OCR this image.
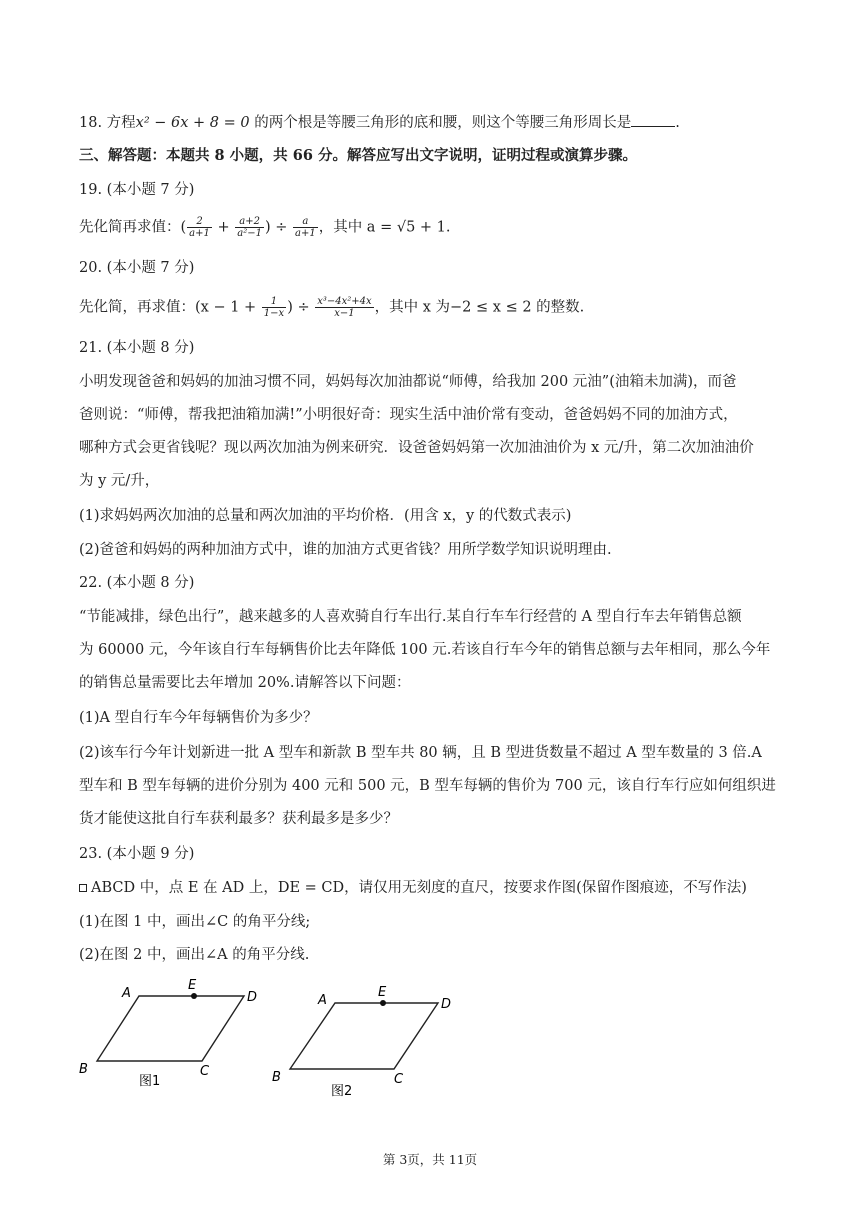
18. 方程x² − 6x + 8 = 0 的两个根是等腰三角形的底和腰，则这个等腰三角形周长是	.
三、解答题：本题共 8 小题，共 66 分。解答应写出文字说明，证明过程或演算步骤。
19. (本小题 7 分)
先化简再求值：( $\frac{2}{a+1} + \frac{a+2}{\text{a²−1}}$ ) ÷ $\frac{a}{a+1}$ ，其中 a = √5 + 1.
20. (本小题 7 分)
先化简，再求值：($x - 1 + \frac{1}{1-x}$ ) ÷ $\frac{\text{x³−4x²+4x}}{x-1}$ ，其中 x 为−2 ≤ x ≤ 2 的整数.
21. (本小题 8 分)
小明发现爸爸和妈妈的加油习惯不同，妈妈每次加油都说“师傅，给我加 200 元油”(油箱未加满)，而爸
爸则说：“师傅，帮我把油箱加满!”小明很好奇：现实生活中油价常有变动，爸爸妈妈不同的加油方式，
哪种方式会更省钱呢？现以两次加油为例来研究．设爸爸妈妈第一次加油油价为 x 元/升，第二次加油油价
为 y 元/升，
(1)求妈妈两次加油的总量和两次加油的平均价格．(用含 x，y 的代数式表示)
(2)爸爸和妈妈的两种加油方式中，谁的加油方式更省钱？用所学数学知识说明理由.
22. (本小题 8 分)
“节能减排，绿色出行”，越来越多的人喜欢骑自行车出行.某自行车车行经营的 A 型自行车去年销售总额
为 60000 元，今年该自行车每辆售价比去年降低 100 元.若该自行车今年的销售总额与去年相同，那么今年
的销售总量需要比去年增加 20%.请解答以下问题：
(1)A 型自行车今年每辆售价为多少？
(2)该车行今年计划新进一批 A 型车和新款 B 型车共 80 辆，且 B 型进货数量不超过 A 型车数量的 3 倍.A
型车和 B 型车每辆的进价分别为 400 元和 500 元，B 型车每辆的售价为 700 元，该自行车行应如何组织进
货才能使这批自行车获利最多？获利最多是多少？
23. (本小题 9 分)
ABCD 中，点 E 在 AD 上，DE = CD，请仅用无刻度的直尺，按要求作图(保留作图痕迹，不写作法)
(1)在图 1 中，画出∠C 的角平分线;
(2)在图 2 中，画出∠A 的角平分线.
A
E
D
B	C
图1
A
E
D
B	C
图2
第 3页，共 11页
